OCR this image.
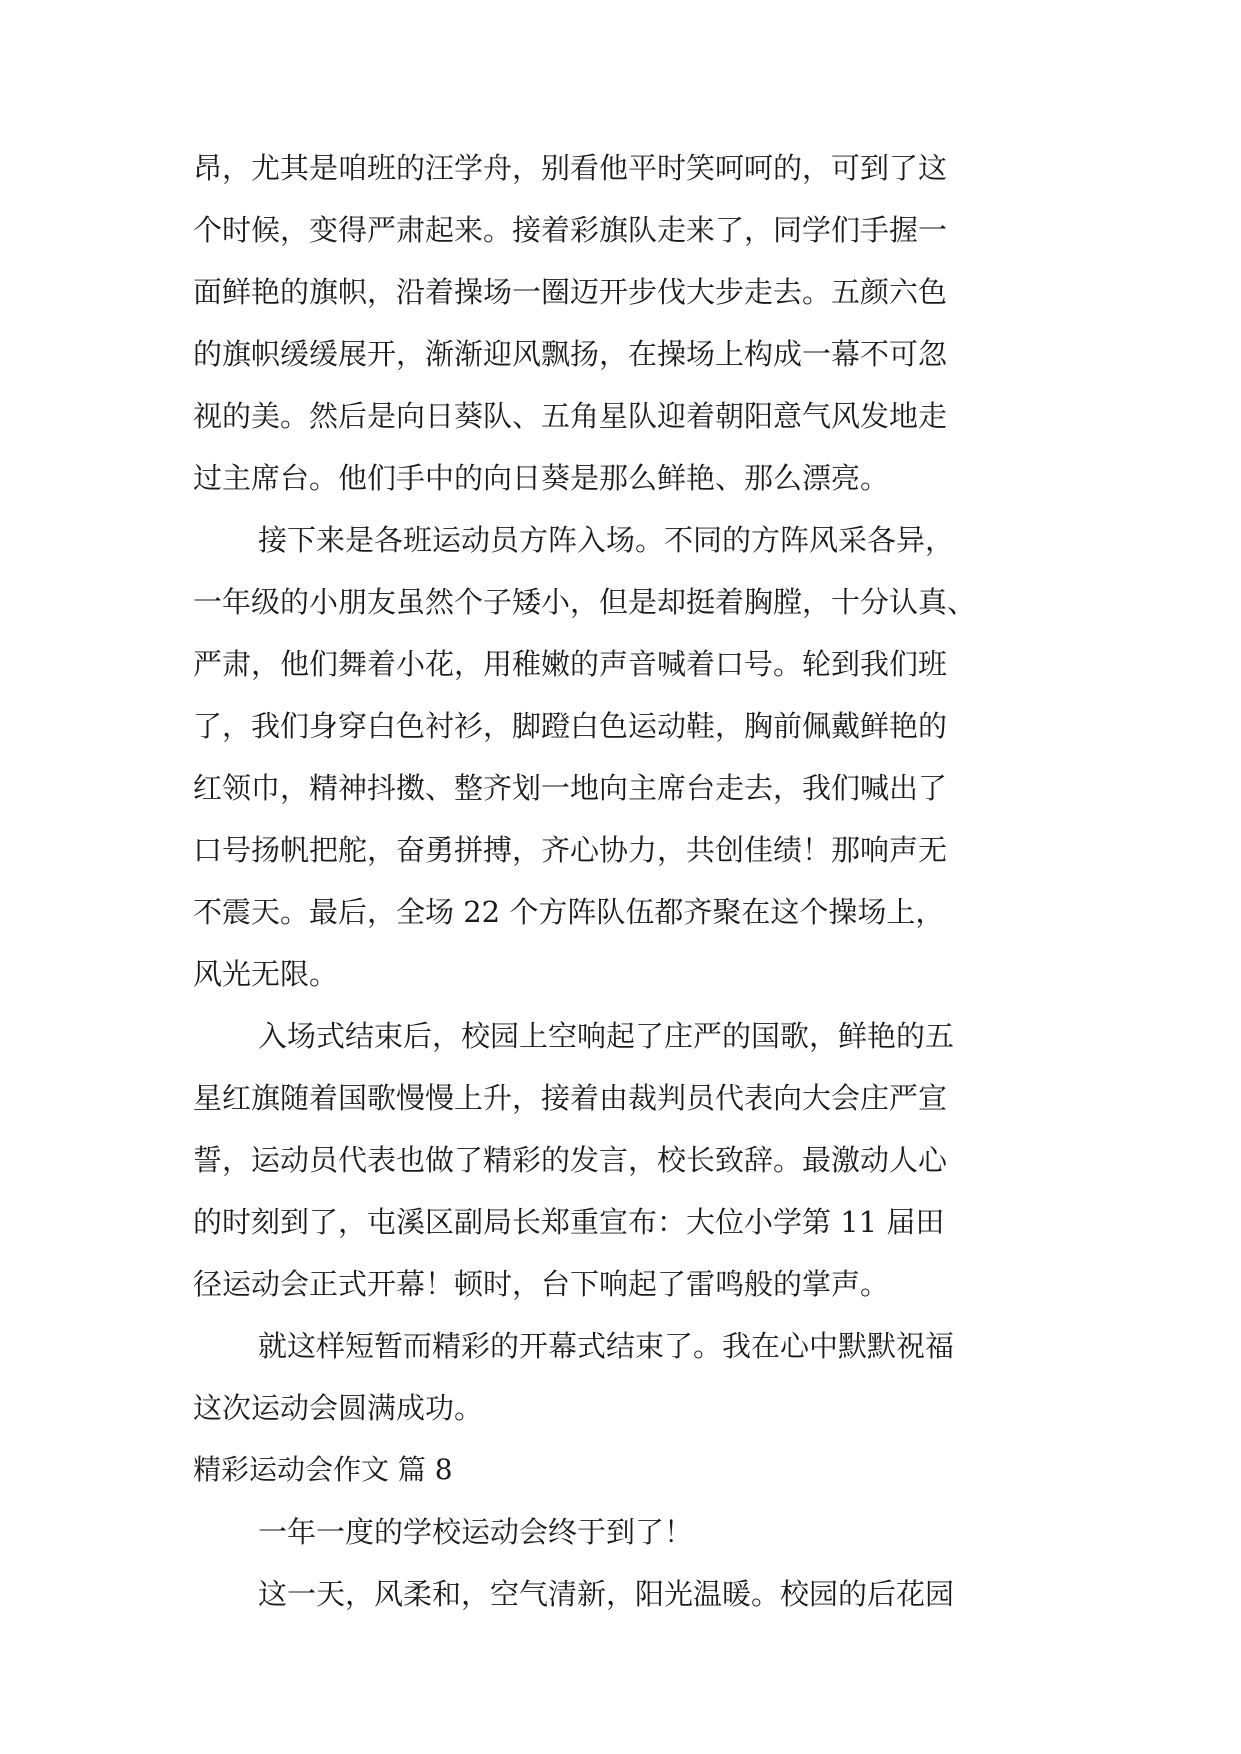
昂，尤其是咱班的汪学舟，别看他平时笑呵呵的，可到了这
个时候，变得严肃起来。接着彩旗队走来了，同学们手握一
面鲜艳的旗帜，沿着操场一圈迈开步伐大步走去。五颜六色
的旗帜缓缓展开，渐渐迎风飘扬，在操场上构成一幕不可忽
视的美。然后是向日葵队、五角星队迎着朝阳意气风发地走
过主席台。他们手中的向日葵是那么鲜艳、那么漂亮。
接下来是各班运动员方阵入场。不同的方阵风采各异，
一年级的小朋友虽然个子矮小，但是却挺着胸膛，十分认真、
严肃，他们舞着小花，用稚嫩的声音喊着口号。轮到我们班
了，我们身穿白色衬衫，脚蹬白色运动鞋，胸前佩戴鲜艳的
红领巾，精神抖擞、整齐划一地向主席台走去，我们喊出了
口号扬帆把舵，奋勇拼搏，齐心协力，共创佳绩！那响声无
不震天。最后，全场 22 个方阵队伍都齐聚在这个操场上，
风光无限。
入场式结束后，校园上空响起了庄严的国歌，鲜艳的五
星红旗随着国歌慢慢上升，接着由裁判员代表向大会庄严宣
誓，运动员代表也做了精彩的发言，校长致辞。最激动人心
的时刻到了，屯溪区副局长郑重宣布：大位小学第 11 届田
径运动会正式开幕！顿时，台下响起了雷鸣般的掌声。
就这样短暂而精彩的开幕式结束了。我在心中默默祝福
这次运动会圆满成功。
精彩运动会作文 篇 8
一年一度的学校运动会终于到了！
这一天，风柔和，空气清新，阳光温暖。校园的后花园
